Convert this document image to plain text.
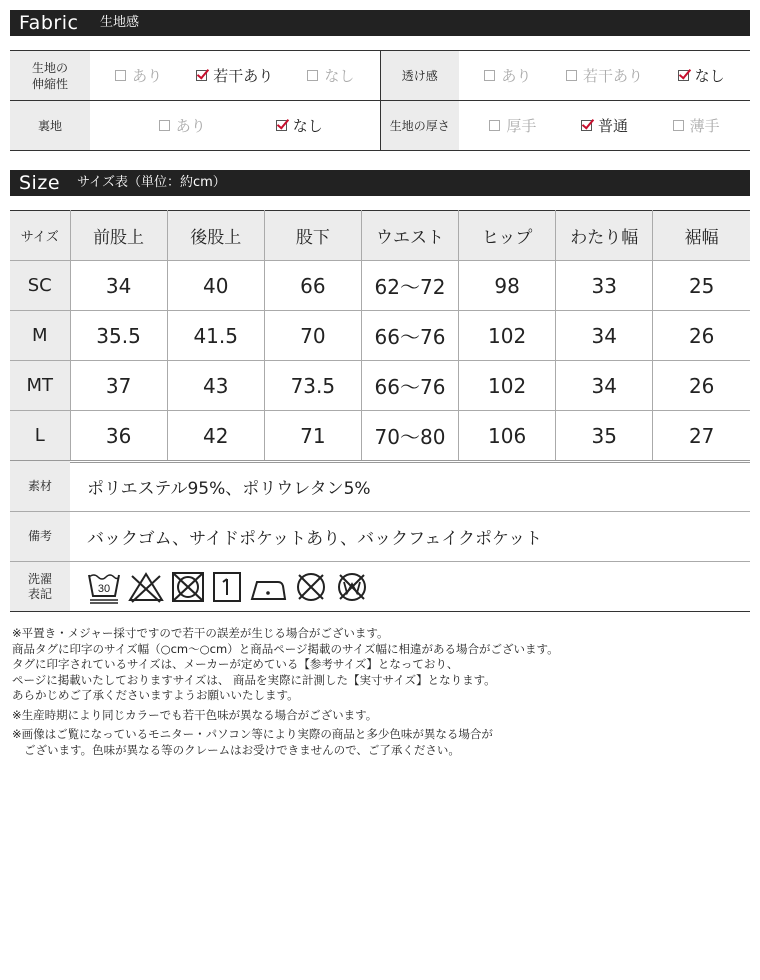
Fabric 生地感
生地の
伸縮性	あり 若干あり なし	透け感	あり 若干あり なし

裏地	あり なし	生地の厚さ	厚手 普通 薄手
Size サイズ表（単位：約cm）
サイズ	前股上	後股上	股下	ウエスト	ヒップ	わたり幅	裾幅
SC	34	40	66	62～72	98	33	25
M	35.5	41.5	70	66～76	102	34	26
MT	37	43	73.5	66～76	102	34	26
L	36	42	71	70～80	106	35	27
素材	ポリエステル95%、ポリウレタン5%
備考	バックゴム、サイドポケットあり、バックフェイクポケット
洗濯
表記	30

※平置き・メジャー採寸ですので若干の誤差が生じる場合がございます。

商品タグに印字のサイズ幅（○cm～○cm）と商品ページ掲載のサイズ幅に相違がある場合がございます。

タグに印字されているサイズは、メーカーが定めている【参考サイズ】となっており、

ページに掲載いたしておりますサイズは、 商品を実際に計測した【実寸サイズ】となります。

あらかじめご了承くださいますようお願いいたします。

※生産時期により同じカラーでも若干色味が異なる場合がございます。

※画像はご覧になっているモニター・パソコン等により実際の商品と多少色味が異なる場合が

ございます。色味が異なる等のクレームはお受けできませんので、ご了承ください。
